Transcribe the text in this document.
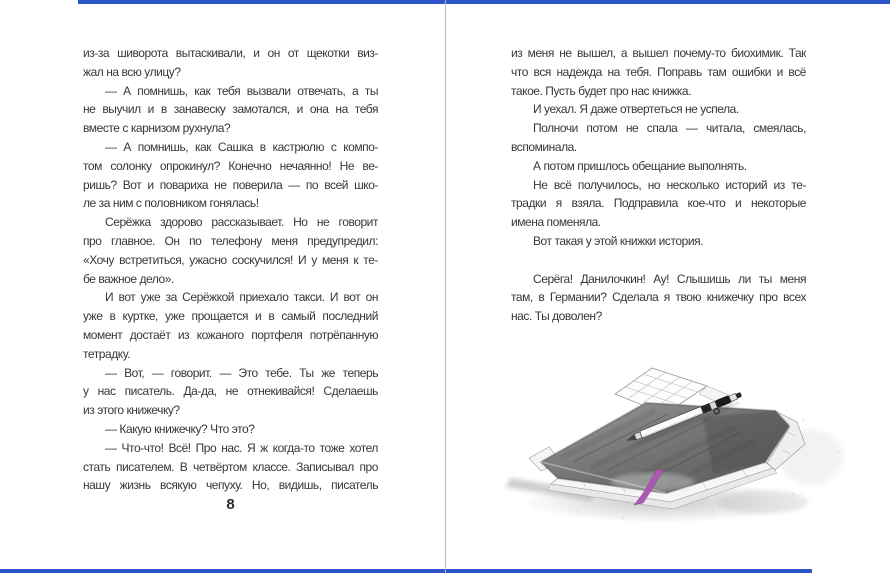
из-за шиворота вытаскивали, и он от щекотки виз-
жал на всю улицу?
— А помнишь, как тебя вызвали отвечать, а ты
не выучил и в занавеску замотался, и она на тебя
вместе с карнизом рухнула?
— А помнишь, как Сашка в кастрюлю с компо-
том солонку опрокинул? Конечно нечаянно! Не ве-
ришь? Вот и повариха не поверила — по всей шко-
ле за ним с половником гонялась!
Серёжка здорово рассказывает. Но не говорит
про главное. Он по телефону меня предупредил:
«Хочу встретиться, ужасно соскучился! И у меня к те-
бе важное дело».
И вот уже за Серёжкой приехало такси. И вот он
уже в куртке, уже прощается и в самый последний
момент достаёт из кожаного портфеля потрёпанную
тетрадку.
— Вот, — говорит. — Это тебе. Ты же теперь
у нас писатель. Да-да, не отнекивайся! Сделаешь
из этого книжечку?
— Какую книжечку? Что это?
— Что-что! Всё! Про нас. Я ж когда-то тоже хотел
стать писателем. В четвёртом классе. Записывал про
нашу жизнь всякую чепуху. Но, видишь, писатель
8
из меня не вышел, а вышел почему-то биохимик. Так
что вся надежда на тебя. Поправь там ошибки и всё
такое. Пусть будет про нас книжка.
И уехал. Я даже отвертеться не успела.
Полночи потом не спала — читала, смеялась,
вспоминала.
А потом пришлось обещание выполнять.
Не всё получилось, но несколько историй из те-
традки я взяла. Подправила кое-что и некоторые
имена поменяла.
Вот такая у этой книжки история.
Серёга! Данилочкин! Ау! Слышишь ли ты меня
там, в Германии? Сделала я твою книжечку про всех
нас. Ты доволен?
